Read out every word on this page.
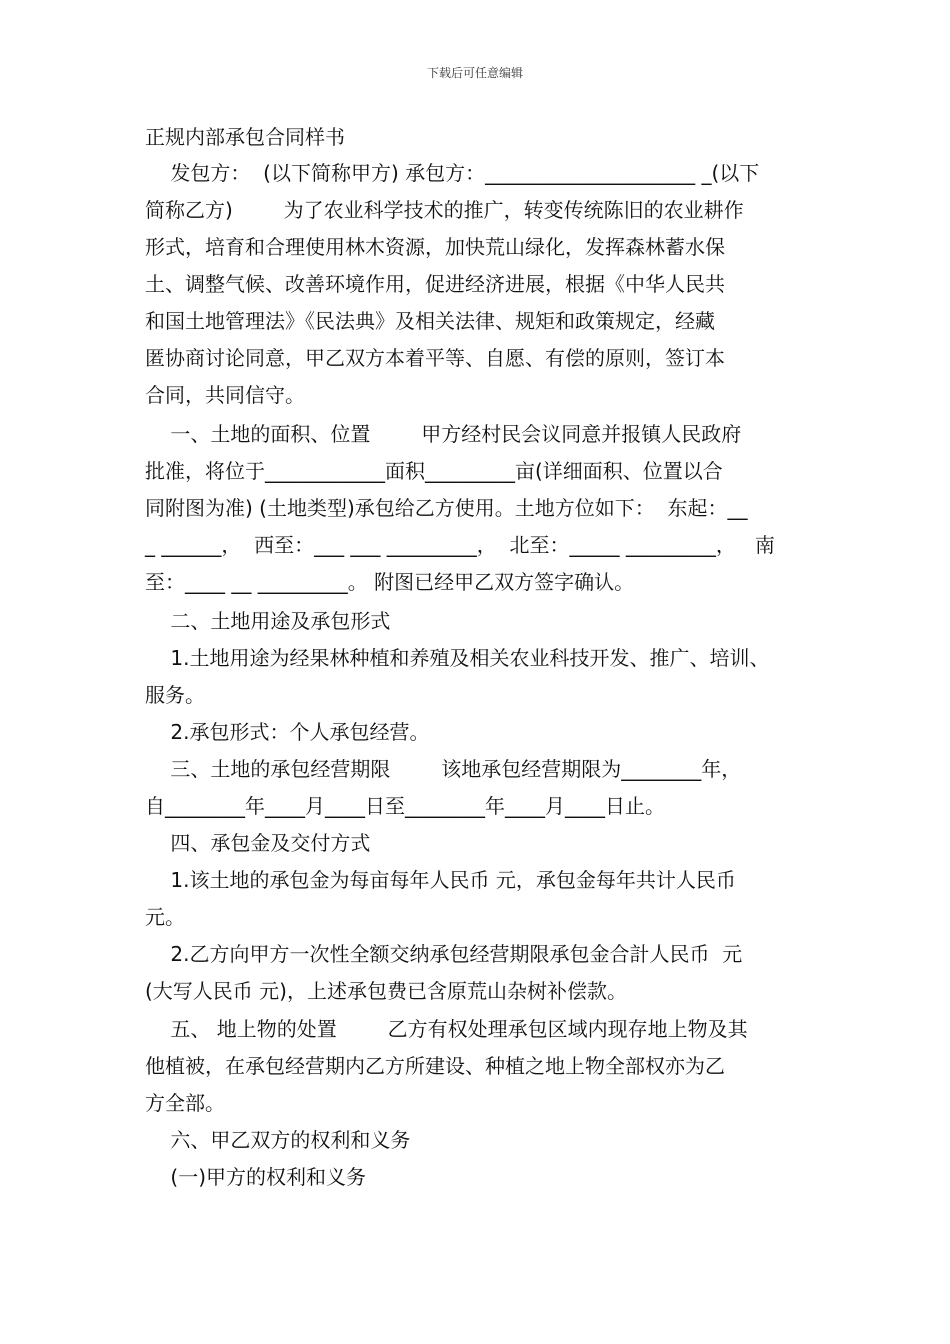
下载后可任意编辑
正规内部承包合同样书
发包方：  (以下简称甲方) 承包方：_____________________ _(以下
简称乙方)        为了农业科学技术的推广，转变传统陈旧的农业耕作
形式，培育和合理使用林木资源，加快荒山绿化，发挥森林蓄水保
土、调整气候、改善环境作用，促进经济进展，根据《中华人民共
和国土地管理法》《民法典》及相关法律、规矩和政策规定，经藏
匿协商讨论同意，甲乙双方本着平等、自愿、有偿的原则，签订本
合同，共同信守。
一、土地的面积、位置        甲方经村民会议同意并报镇人民政府
批准，将位于____________面积_________亩(详细面积、位置以合
同附图为准) (土地类型)承包给乙方使用。土地方位如下：  东起：__
_ ______，  西至：___ ___ _________，  北至：_____ _________，   南
至：____ __ _________。 附图已经甲乙双方签字确认。
二、土地用途及承包形式
1.土地用途为经果林种植和养殖及相关农业科技开发、推广、培训、
服务。
2.承包形式：个人承包经营。
三、土地的承包经营期限        该地承包经营期限为________年，
自________年____月____日至________年____月____日止。
四、承包金及交付方式
1.该土地的承包金为每亩每年人民币 元，承包金每年共计人民币
元。
2.乙方向甲方一次性全额交纳承包经营期限承包金合計人民币  元
(大写人民币 元)，上述承包费已含原荒山杂树补偿款。
五、 地上物的处置        乙方有权处理承包区域内现存地上物及其
他植被，在承包经营期内乙方所建设、种植之地上物全部权亦为乙
方全部。
六、甲乙双方的权利和义务
(一)甲方的权利和义务
